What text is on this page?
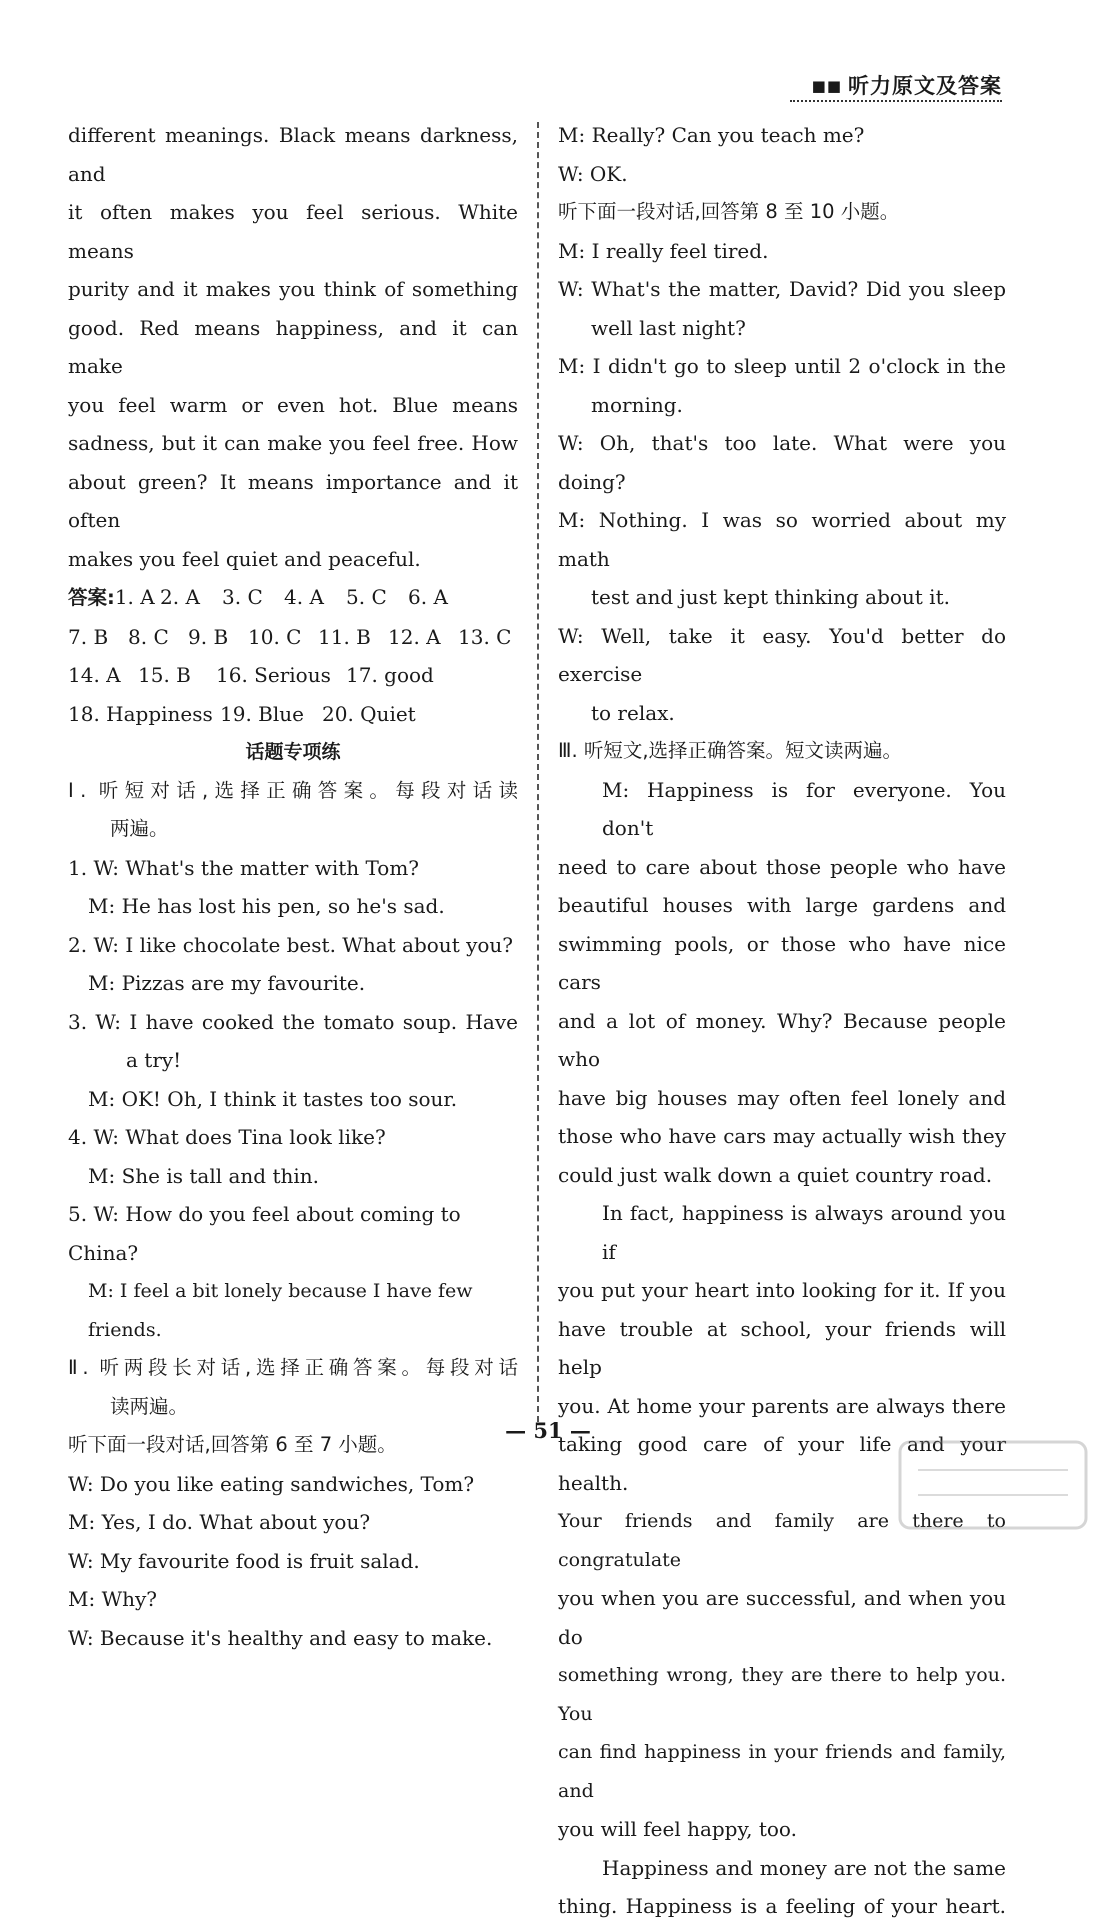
■■ 听力原文及答案

different meanings. Black means darkness, and

it often makes you feel serious. White means

purity and it makes you think of something

good. Red means happiness, and it can make

you feel warm or even hot. Blue means

sadness, but it can make you feel free. How

about green? It means importance and it often

makes you feel quiet and peaceful.

答案:1. A 2. A	3. C	4. A	5. C	6. A
7. B 8. C 9. B 10. C 11. B 12. A 13. C
14. A 15. B	16. Serious 17. good
18. Happiness 19. Blue 20. Quiet

话题专项练

Ⅰ. 听短对话,选择正确答案。每段对话读

两遍。

1. W: What's the matter with Tom?

M: He has lost his pen, so he's sad.

2. W: I like chocolate best. What about you?

M: Pizzas are my favourite.

3. W: I have cooked the tomato soup. Have

a try!

M: OK! Oh, I think it tastes too sour.

4. W: What does Tina look like?

M: She is tall and thin.

5. W: How do you feel about coming to China?

M: I feel a bit lonely because I have few friends.

Ⅱ. 听两段长对话,选择正确答案。每段对话

读两遍。

听下面一段对话,回答第 6 至 7 小题。

W: Do you like eating sandwiches, Tom?

M: Yes, I do. What about you?

W: My favourite food is fruit salad.

M: Why?

W: Because it's healthy and easy to make.

M: Really? Can you teach me?

W: OK.

听下面一段对话,回答第 8 至 10 小题。

M: I really feel tired.

W: What's the matter, David? Did you sleep

well last night?

M: I didn't go to sleep until 2 o'clock in the

morning.

W: Oh, that's too late. What were you doing?

M: Nothing. I was so worried about my math

test and just kept thinking about it.

W: Well, take it easy. You'd better do exercise

to relax.

Ⅲ. 听短文,选择正确答案。短文读两遍。

M: Happiness is for everyone. You don't

need to care about those people who have

beautiful houses with large gardens and

swimming pools, or those who have nice cars

and a lot of money. Why? Because people who

have big houses may often feel lonely and

those who have cars may actually wish they

could just walk down a quiet country road.

In fact, happiness is always around you if

you put your heart into looking for it. If you

have trouble at school, your friends will help

you. At home your parents are always there

taking good care of your life and your health.

Your friends and family are there to congratulate

you when you are successful, and when you do

something wrong, they are there to help you. You

can find happiness in your friends and family, and

you will feel happy, too.

Happiness and money are not the same

thing. Happiness is a feeling of your heart.

— 51 —
